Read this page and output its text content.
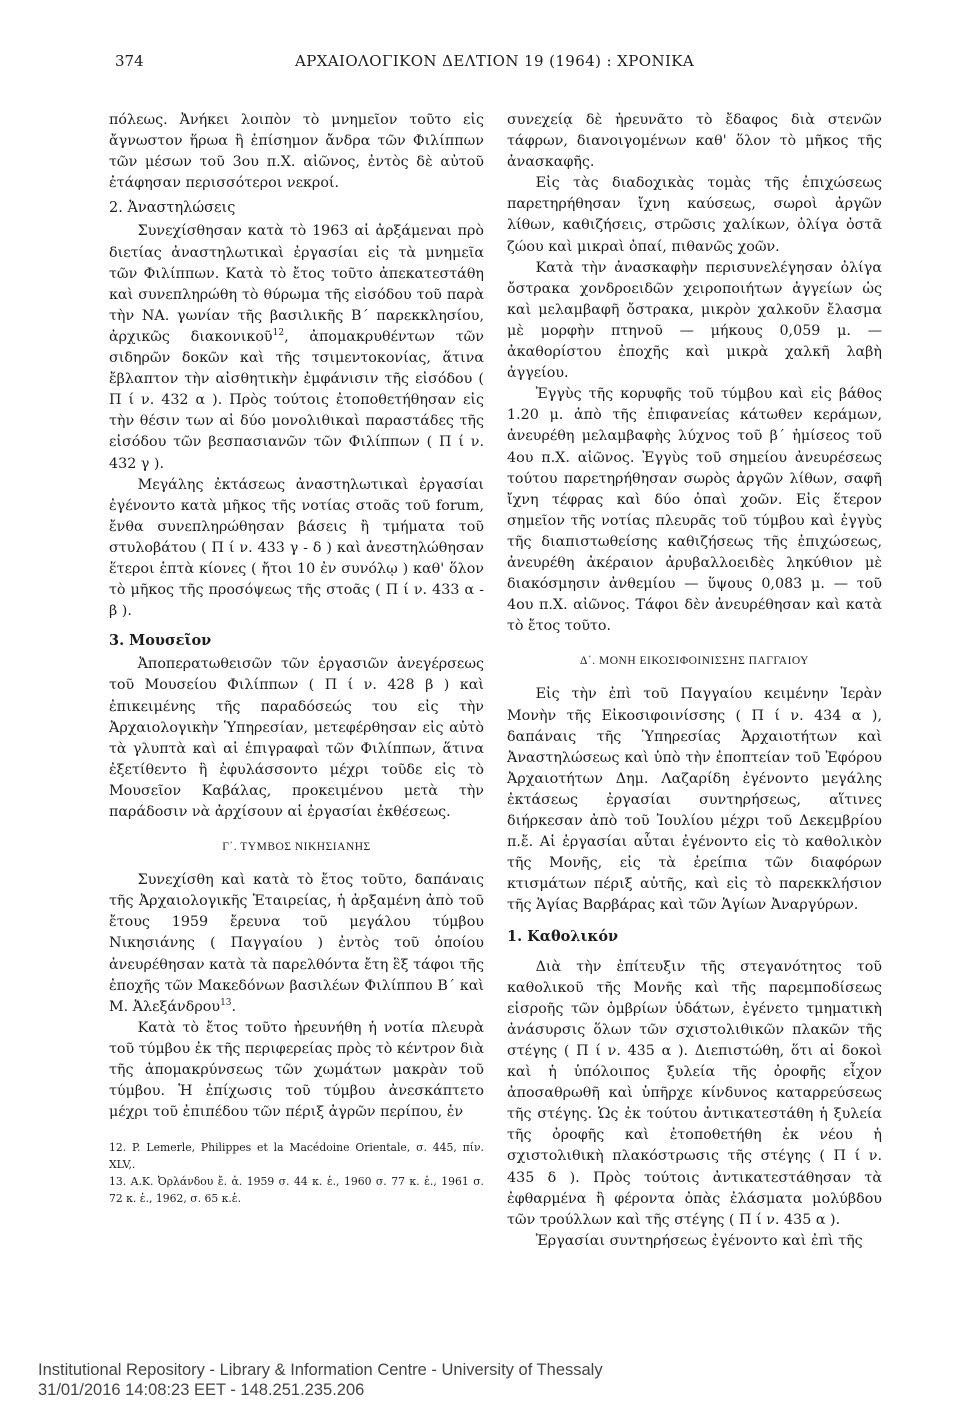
374	ΑΡΧΑΙΟΛΟΓΙΚΟΝ ΔΕΛΤΙΟΝ 19 (1964) : ΧΡΟΝΙΚΑ

πόλεως. Ἀνήκει λοιπὸν τὸ μνημεῖον τοῦτο εἰς ἄγνωστον ἥρωα ἢ ἐπίσημον ἄνδρα τῶν Φιλίππων τῶν μέσων τοῦ 3ου π.Χ. αἰῶνος, ἐντὸς δὲ αὐτοῦ ἐτάφησαν περισσότεροι νεκροί.

2. Ἀναστηλώσεις

Συνεχίσθησαν κατὰ τὸ 1963 αἱ ἀρξάμεναι πρὸ διετίας ἀναστηλωτικαὶ ἐργασίαι εἰς τὰ μνημεῖα τῶν Φιλίππων. Κατὰ τὸ ἔτος τοῦτο ἀπεκατεστάθη καὶ συνεπληρώθη τὸ θύρωμα τῆς εἰσόδου τοῦ παρὰ τὴν ΝΑ. γωνίαν τῆς βασιλικῆς Β΄ παρεκκλησίου, ἀρχικῶς διακονικοῦ$^{12}$, ἀπομακρυθέντων τῶν σιδηρῶν δοκῶν καὶ τῆς τσιμεντοκονίας, ἅτινα ἔβλαπτον τὴν αἰσθητικὴν ἐμφάνισιν τῆς εἰσόδου ( Π ί ν. 432 α ). Πρὸς τούτοις ἐτοποθετήθησαν εἰς τὴν θέσιν των αἱ δύο μονολιθικαὶ παραστάδες τῆς εἰσόδου τῶν βεσπασιανῶν τῶν Φιλίππων ( Π ί ν. 432 γ ).

Μεγάλης ἐκτάσεως ἀναστηλωτικαὶ ἐργασίαι ἐγένοντο κατὰ μῆκος τῆς νοτίας στοᾶς τοῦ forum, ἔνθα συνεπληρώθησαν βάσεις ἢ τμήματα τοῦ στυλοβάτου ( Π ί ν. 433 γ - δ ) καὶ ἀνεστηλώθησαν ἕτεροι ἑπτὰ κίονες ( ἤτοι 10 ἐν συνόλῳ ) καθ' ὅλον τὸ μῆκος τῆς προσόψεως τῆς στοᾶς ( Π ί ν. 433 α - β ).

3. Μουσεῖον

Ἀποπερατωθεισῶν τῶν ἐργασιῶν ἀνεγέρσεως τοῦ Μουσείου Φιλίππων ( Π ί ν. 428 β ) καὶ ἐπικειμένης τῆς παραδόσεώς του εἰς τὴν Ἀρχαιολογικὴν Ὑπηρεσίαν, μετεφέρθησαν εἰς αὐτὸ τὰ γλυπτὰ καὶ αἱ ἐπιγραφαὶ τῶν Φιλίππων, ἅτινα ἐξετίθεντο ἢ ἐφυλάσσοντο μέχρι τοῦδε εἰς τὸ Μουσεῖον Καβάλας, προκειμένου μετὰ τὴν παράδοσιν νὰ ἀρχίσουν αἱ ἐργασίαι ἐκθέσεως.

Γ΄. ΤΥΜΒΟΣ ΝΙΚΗΣΙΑΝΗΣ

Συνεχίσθη καὶ κατὰ τὸ ἔτος τοῦτο, δαπάναις τῆς Ἀρχαιολογικῆς Ἑταιρείας, ἡ ἀρξαμένη ἀπὸ τοῦ ἔτους 1959 ἔρευνα τοῦ μεγάλου τύμβου Νικησιάνης ( Παγγαίου ) ἐντὸς τοῦ ὁποίου ἀνευρέθησαν κατὰ τὰ παρελθόντα ἔτη ἓξ τάφοι τῆς ἐποχῆς τῶν Μακεδόνων βασιλέων Φιλίππου Β΄ καὶ Μ. Ἀλεξάνδρου$^{13}$.

Κατὰ τὸ ἔτος τοῦτο ἠρευνήθη ἡ νοτία πλευρὰ τοῦ τύμβου ἐκ τῆς περιφερείας πρὸς τὸ κέντρον διὰ τῆς ἀπομακρύνσεως τῶν χωμάτων μακρὰν τοῦ τύμβου. Ἡ ἐπίχωσις τοῦ τύμβου ἀνεσκάπτετο μέχρι τοῦ ἐπιπέδου τῶν πέριξ ἀγρῶν περίπου, ἐν

12. P. Lemerle, Philippes et la Macédoine Orientale, σ. 445, πίν. XLV,.

13. Α.Κ. Ὀρλάνδου ἔ. ἀ. 1959 σ. 44 κ. ἑ., 1960 σ. 77 κ. ἑ., 1961 σ. 72 κ. ἑ., 1962, σ. 65 κ.ἑ.

συνεχείᾳ δὲ ἠρευνᾶτο τὸ ἔδαφος διὰ στενῶν τάφρων, διανοιγομένων καθ' ὅλον τὸ μῆκος τῆς ἀνασκαφῆς.

Εἰς τὰς διαδοχικὰς τομὰς τῆς ἐπιχώσεως παρετηρήθησαν ἴχνη καύσεως, σωροὶ ἀργῶν λίθων, καθιζήσεις, στρῶσις χαλίκων, ὀλίγα ὀστᾶ ζώου καὶ μικραὶ ὀπαί, πιθανῶς χοῶν.

Κατὰ τὴν ἀνασκαφὴν περισυνελέγησαν ὀλίγα ὄστρακα χονδροειδῶν χειροποιήτων ἀγγείων ὡς καὶ μελαμβαφῆ ὄστρακα, μικρὸν χαλκοῦν ἔλασμα μὲ μορφὴν πτηνοῦ — μήκους 0,059 μ. — ἀκαθορίστου ἐποχῆς καὶ μικρὰ χαλκῆ λαβὴ ἀγγείου.

Ἐγγὺς τῆς κορυφῆς τοῦ τύμβου καὶ εἰς βάθος 1.20 μ. ἀπὸ τῆς ἐπιφανείας κάτωθεν κεράμων, ἀνευρέθη μελαμβαφὴς λύχνος τοῦ β΄ ἡμίσεος τοῦ 4ου π.Χ. αἰῶνος. Ἐγγὺς τοῦ σημείου ἀνευρέσεως τούτου παρετηρήθησαν σωρὸς ἀργῶν λίθων, σαφῆ ἴχνη τέφρας καὶ δύο ὀπαὶ χοῶν. Εἰς ἕτερον σημεῖον τῆς νοτίας πλευρᾶς τοῦ τύμβου καὶ ἐγγὺς τῆς διαπιστωθείσης καθιζήσεως τῆς ἐπιχώσεως, ἀνευρέθη ἀκέραιον ἀρυβαλλοειδὲς ληκύθιον μὲ διακόσμησιν ἀνθεμίου — ὕψους 0,083 μ. — τοῦ 4ου π.Χ. αἰῶνος. Τάφοι δὲν ἀνευρέθησαν καὶ κατὰ τὸ ἔτος τοῦτο.

Δ΄. ΜΟΝΗ ΕΙΚΟΣΙΦΟΙΝΙΣΣΗΣ ΠΑΓΓΑΙΟΥ

Εἰς τὴν ἐπὶ τοῦ Παγγαίου κειμένην Ἱερὰν Μονὴν τῆς Εἰκοσιφοινίσσης ( Π ί ν. 434 α ), δαπάναις τῆς Ὑπηρεσίας Ἀρχαιοτήτων καὶ Ἀναστηλώσεως καὶ ὑπὸ τὴν ἐποπτείαν τοῦ Ἐφόρου Ἀρχαιοτήτων Δημ. Λαζαρίδη ἐγένοντο μεγάλης ἐκτάσεως ἐργασίαι συντηρήσεως, αἵτινες διήρκεσαν ἀπὸ τοῦ Ἰουλίου μέχρι τοῦ Δεκεμβρίου π.ἔ. Αἱ ἐργασίαι αὗται ἐγένοντο εἰς τὸ καθολικὸν τῆς Μονῆς, εἰς τὰ ἐρείπια τῶν διαφόρων κτισμάτων πέριξ αὐτῆς, καὶ εἰς τὸ παρεκκλήσιον τῆς Ἁγίας Βαρβάρας καὶ τῶν Ἁγίων Ἀναργύρων.

1. Καθολικόν

Διὰ τὴν ἐπίτευξιν τῆς στεγανότητος τοῦ καθολικοῦ τῆς Μονῆς καὶ τῆς παρεμποδίσεως εἰσροῆς τῶν ὀμβρίων ὑδάτων, ἐγένετο τμηματικὴ ἀνάσυρσις ὅλων τῶν σχιστολιθικῶν πλακῶν τῆς στέγης ( Π ί ν. 435 α ). Διεπιστώθη, ὅτι αἱ δοκοὶ καὶ ἡ ὑπόλοιπος ξυλεία τῆς ὀροφῆς εἶχον ἀποσαθρωθῆ καὶ ὑπῆρχε κίνδυνος καταρρεύσεως τῆς στέγης. Ὡς ἐκ τούτου ἀντικατεστάθη ἡ ξυλεία τῆς ὀροφῆς καὶ ἐτοποθετήθη ἐκ νέου ἡ σχιστολιθικὴ πλακόστρωσις τῆς στέγης ( Π ί ν. 435 δ ). Πρὸς τούτοις ἀντικατεστάθησαν τὰ ἐφθαρμένα ἢ φέροντα ὀπὰς ἐλάσματα μολύβδου τῶν τρούλλων καὶ τῆς στέγης ( Π ί ν. 435 α ).

Ἐργασίαι συντηρήσεως ἐγένοντο καὶ ἐπὶ τῆς

Institutional Repository - Library & Information Centre - University of Thessaly
31/01/2016 14:08:23 EET - 148.251.235.206
